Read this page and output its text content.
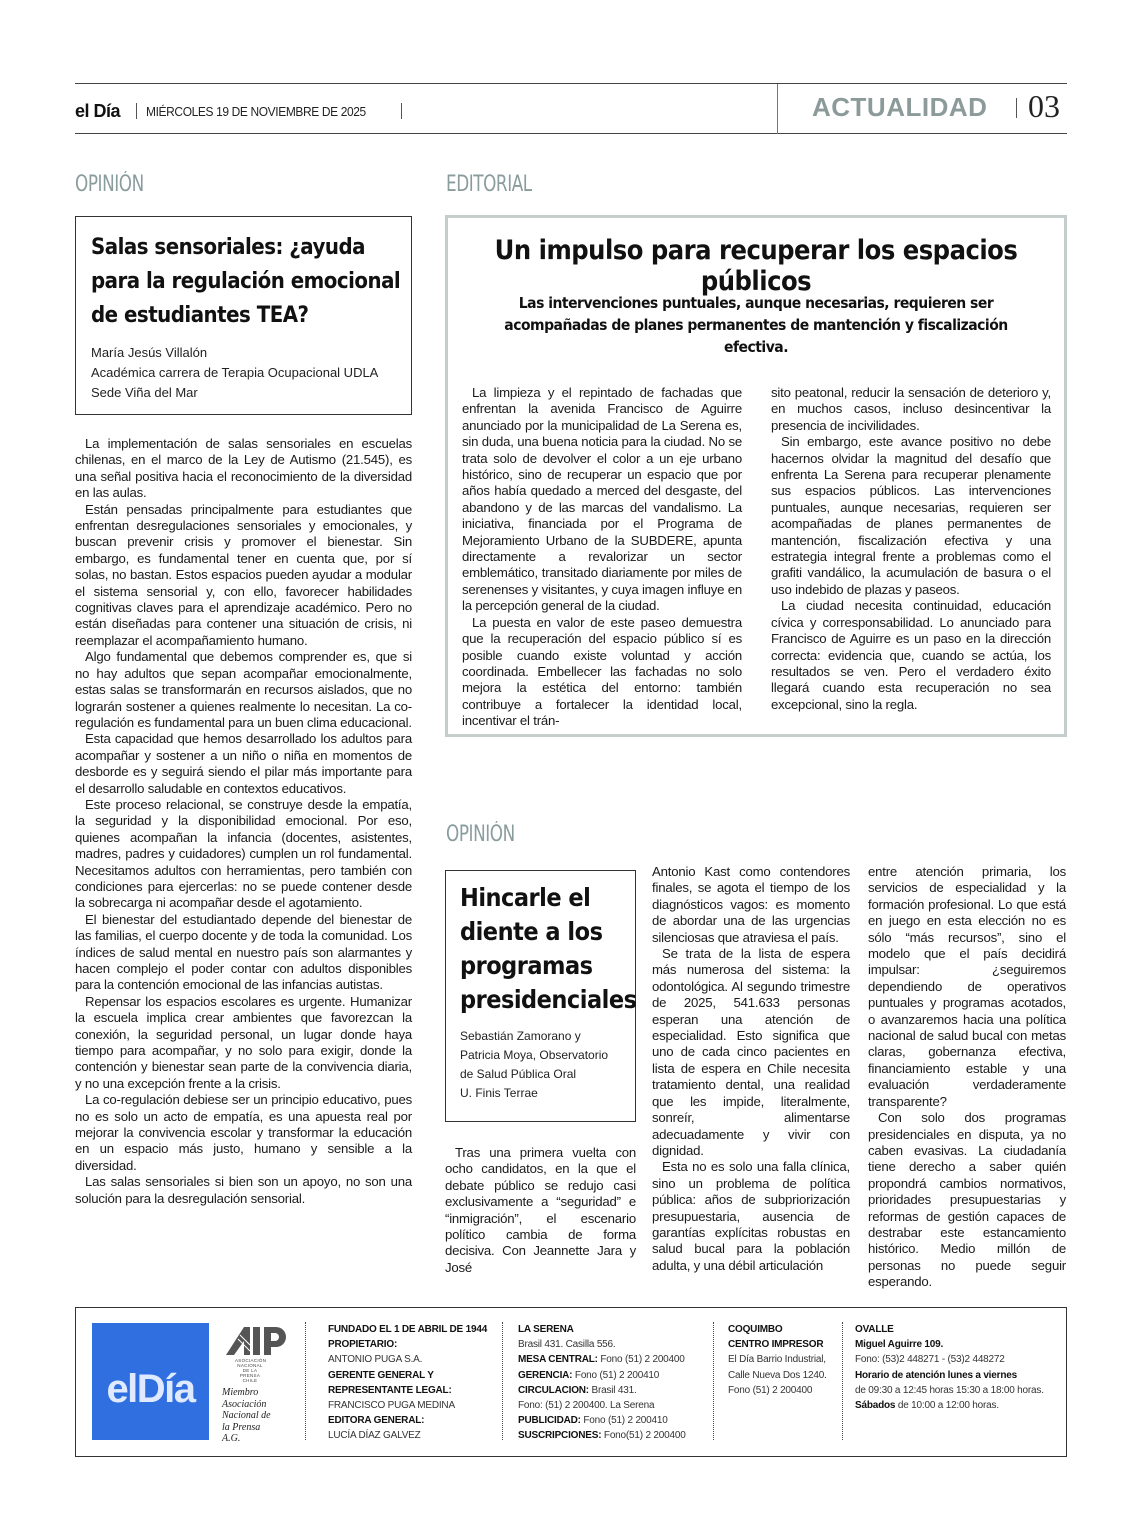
el Día MIÉRCOLES 19 DE NOVIEMBRE DE 2025	ACTUALIDAD 03
OPINIÓN
Salas sensoriales: ¿ayuda para la regulación emocional de estudiantes TEA?
María Jesús Villalón
Académica carrera de Terapia Ocupacional UDLA
Sede Viña del Mar

La implementación de salas sensoriales en escuelas chilenas, en el marco de la Ley de Autismo (21.545), es una señal positiva hacia el reconocimiento de la diversidad en las aulas.

Están pensadas principalmente para estudiantes que enfrentan desregulaciones sensoriales y emocionales, y buscan prevenir crisis y promover el bienestar. Sin embargo, es fundamental tener en cuenta que, por sí solas, no bastan. Estos espacios pueden ayudar a modular el sistema sensorial y, con ello, favorecer habilidades cognitivas claves para el aprendizaje académico. Pero no están diseñadas para contener una situación de crisis, ni reemplazar el acompañamiento humano.

Algo fundamental que debemos comprender es, que si no hay adultos que sepan acompañar emocionalmente, estas salas se transformarán en recursos aislados, que no lograrán sostener a quienes realmente lo necesitan. La co-regulación es fundamental para un buen clima educacional.

Esta capacidad que hemos desarrollado los adultos para acompañar y sostener a un niño o niña en momentos de desborde es y seguirá siendo el pilar más importante para el desarrollo saludable en contextos educativos.

Este proceso relacional, se construye desde la empatía, la seguridad y la disponibilidad emocional. Por eso, quienes acompañan la infancia (docentes, asistentes, madres, padres y cuidadores) cumplen un rol fundamental. Necesitamos adultos con herramientas, pero también con condiciones para ejercerlas: no se puede contener desde la sobrecarga ni acompañar desde el agotamiento.

El bienestar del estudiantado depende del bienestar de las familias, el cuerpo docente y de toda la comunidad. Los índices de salud mental en nuestro país son alarmantes y hacen complejo el poder contar con adultos disponibles para la contención emocional de las infancias autistas.

Repensar los espacios escolares es urgente. Humanizar la escuela implica crear ambientes que favorezcan la conexión, la seguridad personal, un lugar donde haya tiempo para acompañar, y no solo para exigir, donde la contención y bienestar sean parte de la convivencia diaria, y no una excepción frente a la crisis.

La co-regulación debiese ser un principio educativo, pues no es solo un acto de empatía, es una apuesta real por mejorar la convivencia escolar y transformar la educación en un espacio más justo, humano y sensible a la diversidad.

Las salas sensoriales si bien son un apoyo, no son una solución para la desregulación sensorial.

EDITORIAL
Un impulso para recuperar los espacios públicos
Las intervenciones puntuales, aunque necesarias, requieren ser acompañadas de planes permanentes de mantención y fiscalización efectiva.

La limpieza y el repintado de fachadas que enfrentan la avenida Francisco de Aguirre anunciado por la municipalidad de La Serena es, sin duda, una buena noticia para la ciudad. No se trata solo de devolver el color a un eje urbano histórico, sino de recuperar un espacio que por años había quedado a merced del desgaste, del abandono y de las marcas del vandalismo. La iniciativa, financiada por el Programa de Mejoramiento Urbano de la SUBDERE, apunta directamente a revalorizar un sector emblemático, transitado diariamente por miles de serenenses y visitantes, y cuya imagen influye en la percepción general de la ciudad.

La puesta en valor de este paseo demuestra que la recuperación del espacio público sí es posible cuando existe voluntad y acción coordinada. Embellecer las fachadas no solo mejora la estética del entorno: también contribuye a fortalecer la identidad local, incentivar el trán-

sito peatonal, reducir la sensación de deterioro y, en muchos casos, incluso desincentivar la presencia de incivilidades.

Sin embargo, este avance positivo no debe hacernos olvidar la magnitud del desafío que enfrenta La Serena para recuperar plenamente sus espacios públicos. Las intervenciones puntuales, aunque necesarias, requieren ser acompañadas de planes permanentes de mantención, fiscalización efectiva y una estrategia integral frente a problemas como el grafiti vandálico, la acumulación de basura o el uso indebido de plazas y paseos.

La ciudad necesita continuidad, educación cívica y corresponsabilidad. Lo anunciado para Francisco de Aguirre es un paso en la dirección correcta: evidencia que, cuando se actúa, los resultados se ven. Pero el verdadero éxito llegará cuando esta recuperación no sea excepcional, sino la regla.

OPINIÓN
Hincarle el diente a los programas presidenciales
Sebastián Zamorano y
Patricia Moya, Observatorio
de Salud Pública Oral
U. Finis Terrae

Tras una primera vuelta con ocho candidatos, en la que el debate público se redujo casi exclusivamente a “seguridad” e “inmigración”, el escenario político cambia de forma decisiva. Con Jeannette Jara y José

Antonio Kast como contendores finales, se agota el tiempo de los diagnósticos vagos: es momento de abordar una de las urgencias silenciosas que atraviesa el país.

Se trata de la lista de espera más numerosa del sistema: la odontológica. Al segundo trimestre de 2025, 541.633 personas esperan una atención de especialidad. Esto significa que uno de cada cinco pacientes en lista de espera en Chile necesita tratamiento dental, una realidad que les impide, literalmente, sonreír, alimentarse adecuadamente y vivir con dignidad.

Esta no es solo una falla clínica, sino un problema de política pública: años de subpriorización presupuestaria, ausencia de garantías explícitas robustas en salud bucal para la población adulta, y una débil articulación

entre atención primaria, los servicios de especialidad y la formación profesional. Lo que está en juego en esta elección no es sólo “más recursos”, sino el modelo que el país decidirá impulsar: ¿seguiremos dependiendo de operativos puntuales y programas acotados, o avanzaremos hacia una política nacional de salud bucal con metas claras, gobernanza efectiva, financiamiento estable y una evaluación verdaderamente transparente?

Con solo dos programas presidenciales en disputa, ya no caben evasivas. La ciudadanía tiene derecho a saber quién propondrá cambios normativos, prioridades presupuestarias y reformas de gestión capaces de destrabar este estancamiento histórico. Medio millón de personas no puede seguir esperando.

elDía
ASOCIACIÓN NACIONAL DE LA PRENSA CHILE
Miembro
Asociación
Nacional de
la Prensa
A.G.
FUNDADO EL 1 DE ABRIL DE 1944
PROPIETARIO:
ANTONIO PUGA S.A.
GERENTE GENERAL Y
REPRESENTANTE LEGAL:
FRANCISCO PUGA MEDINA
EDITORA GENERAL:
LUCÍA DÍAZ GALVEZ
LA SERENA
Brasil 431. Casilla 556.
MESA CENTRAL: Fono (51) 2 200400
GERENCIA: Fono (51) 2 200410
CIRCULACION: Brasil 431.
Fono: (51) 2 200400. La Serena
PUBLICIDAD: Fono (51) 2 200410
SUSCRIPCIONES: Fono(51) 2 200400
COQUIMBO
CENTRO IMPRESOR
El Día Barrio Industrial,
Calle Nueva Dos 1240.
Fono (51) 2 200400
OVALLE
Miguel Aguirre 109.
Fono: (53)2 448271 - (53)2 448272
Horario de atención lunes a viernes
de 09:30 a 12:45 horas 15:30 a 18:00 horas.
Sábados de 10:00 a 12:00 horas.
